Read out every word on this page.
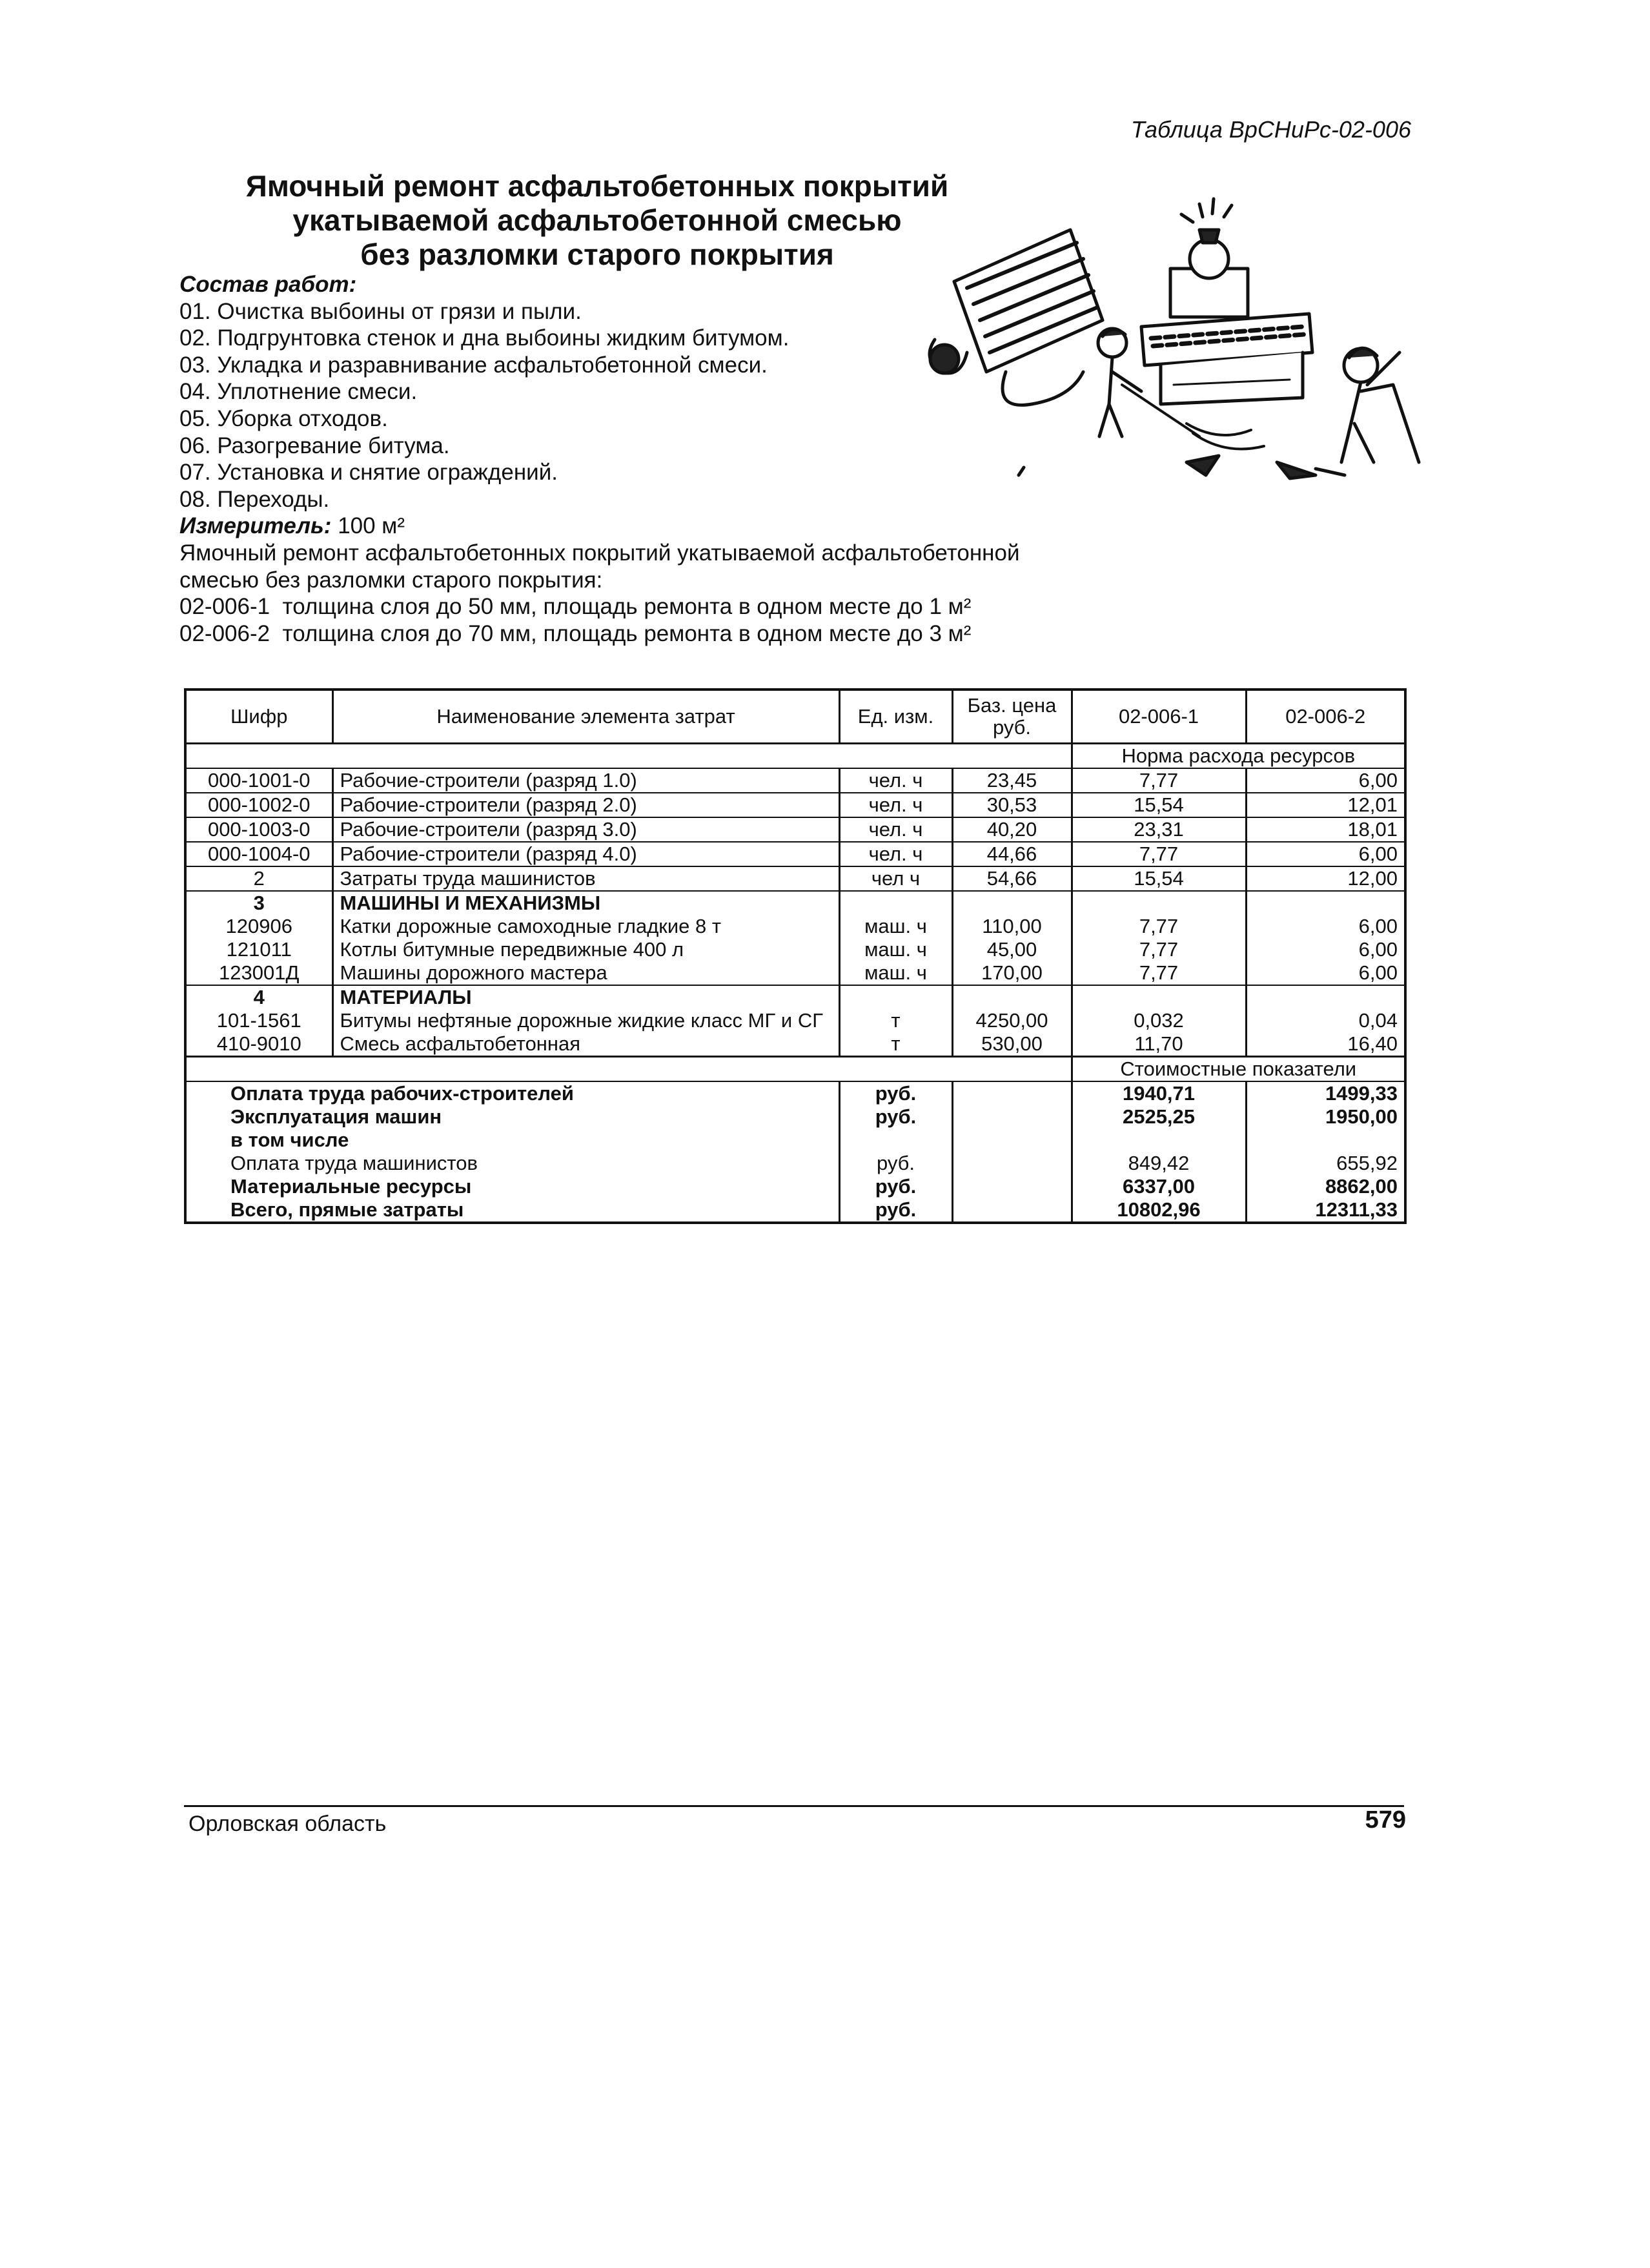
Таблица ВрСНиРс-02-006
Ямочный ремонт асфальтобетонных покрытий
укатываемой асфальтобетонной смесью
без разломки старого покрытия
Состав работ:
01. Очистка выбоины от грязи и пыли.
02. Подгрунтовка стенок и дна выбоины жидким битумом.
03. Укладка и разравнивание асфальтобетонной смеси.
04. Уплотнение смеси.
05. Уборка отходов.
06. Разогревание битума.
07. Установка и снятие ограждений.
08. Переходы.
Измеритель: 100 м²
Ямочный ремонт асфальтобетонных покрытий укатываемой асфальтобетонной
смесью без разломки старого покрытия:
02-006-1  толщина слоя до 50 мм, площадь ремонта в одном месте до 1 м²
02-006-2  толщина слоя до 70 мм, площадь ремонта в одном месте до 3 м²
Шифр	Наименование элемента затрат	Ед. изм.	Баз. цена руб.	02-006-1	02-006-2
				Норма расхода ресурсов	
000-1001-0	Рабочие-строители (разряд 1.0)	чел. ч	23,45	7,77	6,00
000-1002-0	Рабочие-строители (разряд 2.0)	чел. ч	30,53	15,54	12,01
000-1003-0	Рабочие-строители (разряд 3.0)	чел. ч	40,20	23,31	18,01
000-1004-0	Рабочие-строители (разряд 4.0)	чел. ч	44,66	7,77	6,00
2	Затраты труда машинистов	чел ч	54,66	15,54	12,00
3	МАШИНЫ И МЕХАНИЗМЫ				
120906	Катки дорожные самоходные гладкие 8 т	маш. ч	110,00	7,77	6,00
121011	Котлы битумные передвижные 400 л	маш. ч	45,00	7,77	6,00
123001Д	Машины дорожного мастера	маш. ч	170,00	7,77	6,00
4	МАТЕРИАЛЫ				
101-1561	Битумы нефтяные дорожные жидкие класс МГ и СГ	т	4250,00	0,032	0,04
410-9010	Смесь асфальтобетонная	т	530,00	11,70	16,40
				Стоимостные показатели	
Оплата труда рабочих-строителей		руб.		1940,71	1499,33
Эксплуатация машин		руб.		2525,25	1950,00
в том числе					
Оплата труда машинистов		руб.		849,42	655,92
Материальные ресурсы		руб.		6337,00	8862,00
Всего, прямые затраты		руб.		10802,96	12311,33
Орловская область	579
